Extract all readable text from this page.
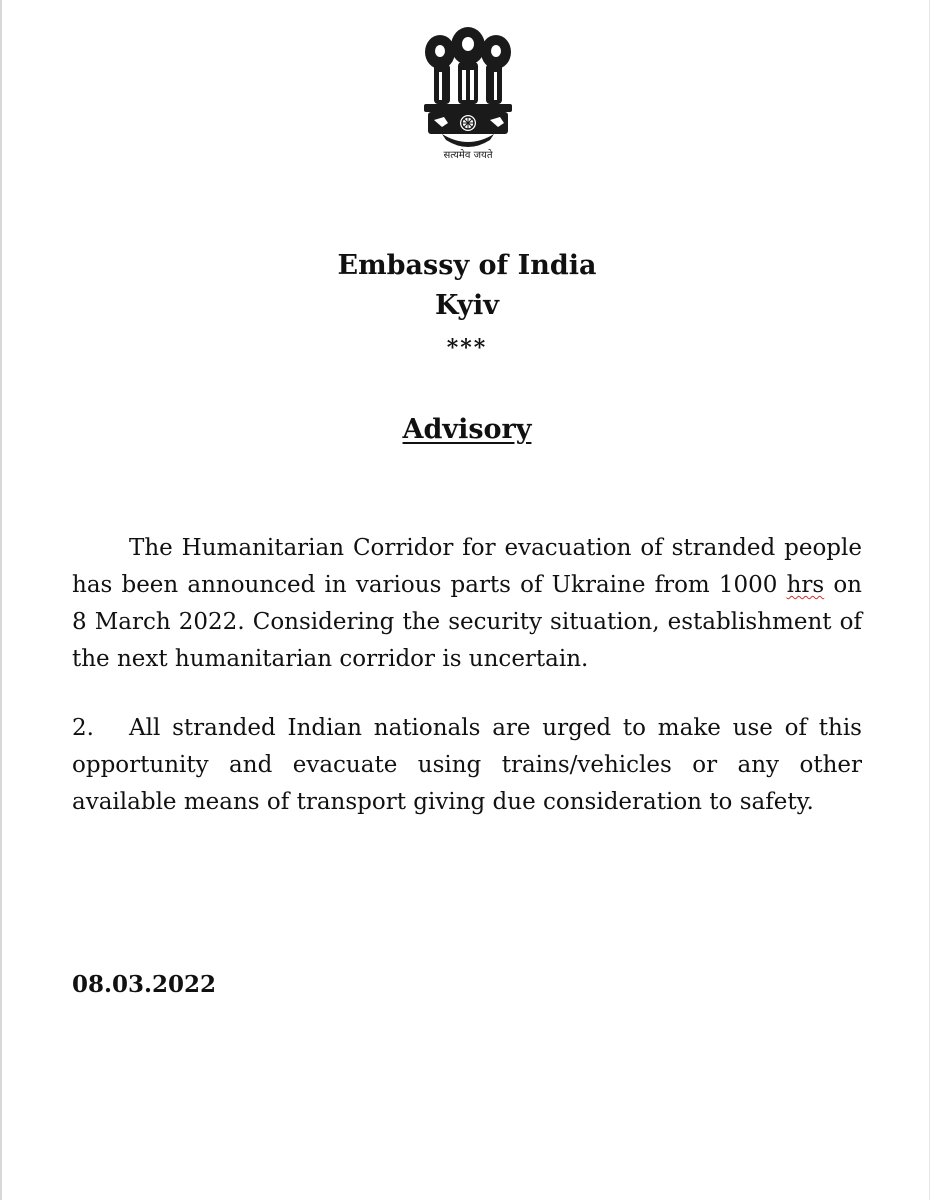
सत्यमेव जयते
Embassy of India
Kyiv
***
Advisory

The Humanitarian Corridor for evacuation of stranded people has been announced in various parts of Ukraine from 1000 hrs on 8 March 2022. Considering the security situation, establishment of the next humanitarian corridor is uncertain.

2. All stranded Indian nationals are urged to make use of this opportunity and evacuate using trains/vehicles or any other available means of transport giving due consideration to safety.

08.03.2022
